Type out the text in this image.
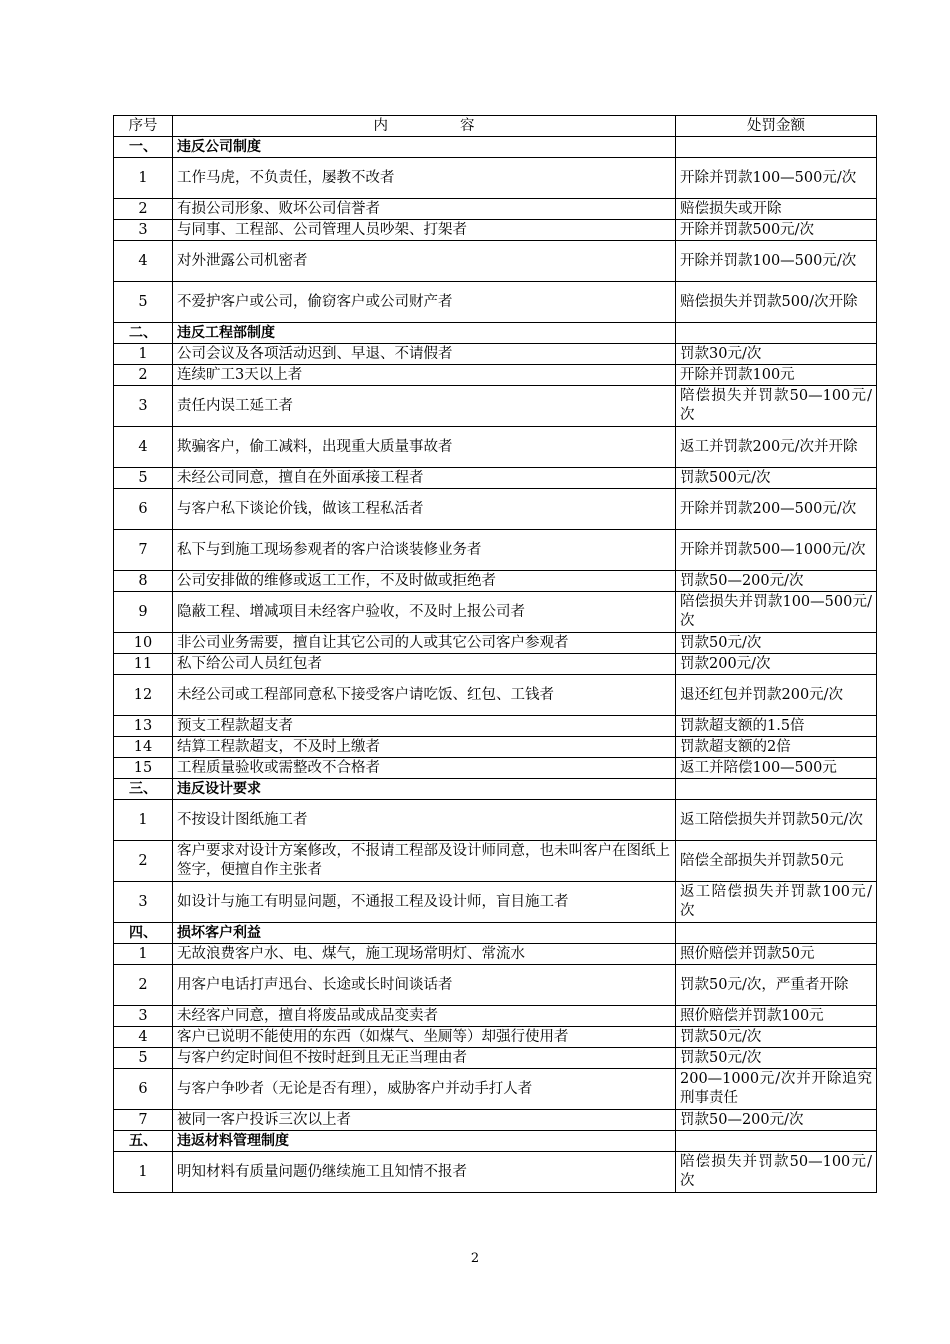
序号	内 容	处罚金额
一、	违反公司制度	
1	工作马虎，不负责任，屡教不改者	开除并罚款100—500元/次
2	有损公司形象、败坏公司信誉者	赔偿损失或开除
3	与同事、工程部、公司管理人员吵架、打架者	开除并罚款500元/次
4	对外泄露公司机密者	开除并罚款100—500元/次
5	不爱护客户或公司，偷窃客户或公司财产者	赔偿损失并罚款500/次开除
二、	违反工程部制度	
1	公司会议及各项活动迟到、早退、不请假者	罚款30元/次
2	连续旷工3天以上者	开除并罚款100元
3	责任内误工延工者	陪偿损失并罚款50—100元/次
4	欺骗客户，偷工减料，出现重大质量事故者	返工并罚款200元/次并开除
5	未经公司同意，擅自在外面承接工程者	罚款500元/次
6	与客户私下谈论价钱，做该工程私活者	开除并罚款200—500元/次
7	私下与到施工现场参观者的客户洽谈装修业务者	开除并罚款500—1000元/次
8	公司安排做的维修或返工工作，不及时做或拒绝者	罚款50—200元/次
9	隐蔽工程、增减项目未经客户验收，不及时上报公司者	陪偿损失并罚款100—500元/次
10	非公司业务需要，擅自让其它公司的人或其它公司客户参观者	罚款50元/次
11	私下给公司人员红包者	罚款200元/次
12	未经公司或工程部同意私下接受客户请吃饭、红包、工钱者	退还红包并罚款200元/次
13	预支工程款超支者	罚款超支额的1.5倍
14	结算工程款超支，不及时上缴者	罚款超支额的2倍
15	工程质量验收或需整改不合格者	返工并陪偿100—500元
三、	违反设计要求	
1	不按设计图纸施工者	返工陪偿损失并罚款50元/次
2	客户要求对设计方案修改，不报请工程部及设计师同意，也未叫客户在图纸上签字，便擅自作主张者	陪偿全部损失并罚款50元
3	如设计与施工有明显问题，不通报工程及设计师，盲目施工者	返工陪偿损失并罚款100元/次
四、	损坏客户利益	
1	无故浪费客户水、电、煤气，施工现场常明灯、常流水	照价赔偿并罚款50元
2	用客户电话打声迅台、长途或长时间谈话者	罚款50元/次，严重者开除
3	未经客户同意，擅自将废品或成品变卖者	照价赔偿并罚款100元
4	客户已说明不能使用的东西（如煤气、坐厕等）却强行使用者	罚款50元/次
5	与客户约定时间但不按时赶到且无正当理由者	罚款50元/次
6	与客户争吵者（无论是否有理），威胁客户并动手打人者	200—1000元/次并开除追究刑事责任
7	被同一客户投诉三次以上者	罚款50—200元/次
五、	违返材料管理制度	
1	明知材料有质量问题仍继续施工且知情不报者	陪偿损失并罚款50—100元/次
2
